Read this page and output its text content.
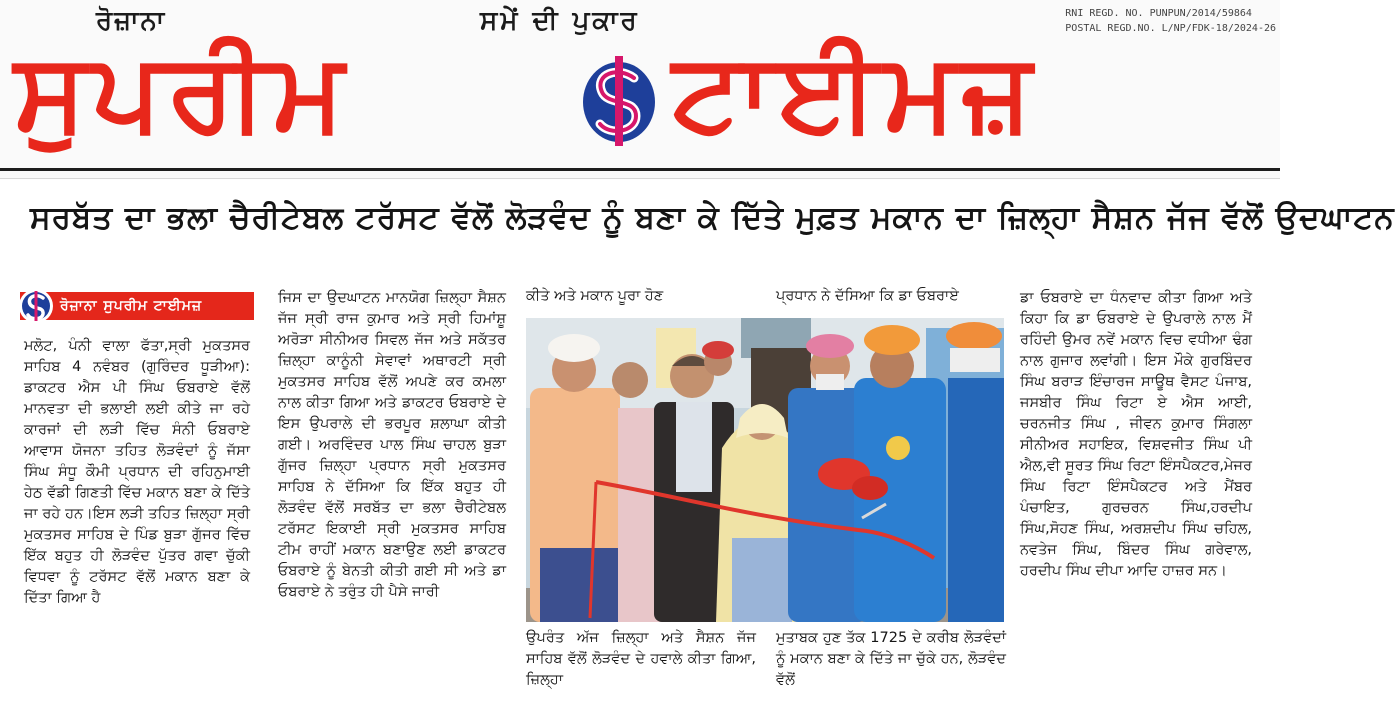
ਰੋਜ਼ਾਨਾ	ਸਮੇਂ ਦੀ ਪੁਕਾਰ	RNI REGD. NO. PUNPUN/2014/59864
POSTAL REGD.NO. L/NP/FDK-18/2024-26
ਸੁਪਰੀਮ	ਟਾਈਮਜ਼
ਸਰਬੱਤ ਦਾ ਭਲਾ ਚੈਰੀਟੇਬਲ ਟਰੱਸਟ ਵੱਲੋਂ ਲੋੜਵੰਦ ਨੂੰ ਬਣਾ ਕੇ ਦਿੱਤੇ ਮੁਫ਼ਤ ਮਕਾਨ ਦਾ ਜ਼ਿਲ੍ਹਾ ਸੈਸ਼ਨ ਜੱਜ ਵੱਲੋਂ ਉਦਘਾਟਨ
ਰੋਜ਼ਾਨਾ ਸੁਪਰੀਮ ਟਾਈਮਜ਼
ਮਲੋਟ, ਪੰਨੀ ਵਾਲਾ ਫੱਤਾ,ਸ੍ਰੀ ਮੁਕਤਸਰ ਸਾਹਿਬ 4 ਨਵੰਬਰ (ਗੁਰਿੰਦਰ ਧੂੜੀਆ): ਡਾਕਟਰ ਐਸ ਪੀ ਸਿੰਘ ਓਬਰਾਏ ਵੱਲੋਂ ਮਾਨਵਤਾ ਦੀ ਭਲਾਈ ਲਈ ਕੀਤੇ ਜਾ ਰਹੇ ਕਾਰਜਾਂ ਦੀ ਲੜੀ ਵਿੱਚ ਸੰਨੀ ਓਬਰਾਏ ਆਵਾਸ ਯੋਜਨਾ ਤਹਿਤ ਲੋੜਵੰਦਾਂ ਨੂੰ ਜੱਸਾ ਸਿੰਘ ਸੰਧੂ ਕੌਮੀ ਪ੍ਰਧਾਨ ਦੀ ਰਹਿਨੁਮਾਈ ਹੇਠ ਵੱਡੀ ਗਿਣਤੀ ਵਿੱਚ ਮਕਾਨ ਬਣਾ ਕੇ ਦਿੱਤੇ ਜਾ ਰਹੇ ਹਨ।ਇਸ ਲੜੀ ਤਹਿਤ ਜ਼ਿਲ੍ਹਾ ਸ੍ਰੀ ਮੁਕਤਸਰ ਸਾਹਿਬ ਦੇ ਪਿੰਡ ਬੁੜਾ ਗੁੱਜਰ ਵਿੱਚ ਇੱਕ ਬਹੁਤ ਹੀ ਲੋੜਵੰਦ ਪੁੱਤਰ ਗਵਾ ਚੁੱਕੀ ਵਿਧਵਾ ਨੂੰ ਟਰੱਸਟ ਵੱਲੋਂ ਮਕਾਨ ਬਣਾ ਕੇ ਦਿੱਤਾ ਗਿਆ ਹੈ
ਜਿਸ ਦਾ ਉਦਘਾਟਨ ਮਾਨਯੋਗ ਜ਼ਿਲ੍ਹਾ ਸੈਸ਼ਨ ਜੱਜ ਸ੍ਰੀ ਰਾਜ ਕੁਮਾਰ ਅਤੇ ਸ੍ਰੀ ਹਿਮਾਂਸ਼ੂ ਅਰੋੜਾ ਸੀਨੀਅਰ ਸਿਵਲ ਜੱਜ ਅਤੇ ਸਕੱਤਰ ਜ਼ਿਲ੍ਹਾ ਕਾਨੂੰਨੀ ਸੇਵਾਵਾਂ ਅਥਾਰਟੀ ਸ੍ਰੀ ਮੁਕਤਸਰ ਸਾਹਿਬ ਵੱਲੋਂ ਅਪਣੇ ਕਰ ਕਮਲਾ ਨਾਲ ਕੀਤਾ ਗਿਆ ਅਤੇ ਡਾਕਟਰ ਓਬਰਾਏ ਦੇ ਇਸ ਉਪਰਾਲੇ ਦੀ ਭਰਪੂਰ ਸ਼ਲਾਘਾ ਕੀਤੀ ਗਈ। ਅਰਵਿੰਦਰ ਪਾਲ ਸਿੰਘ ਚਾਹਲ ਬੁੜਾ ਗੁੱਜਰ ਜ਼ਿਲ੍ਹਾ ਪ੍ਰਧਾਨ ਸ੍ਰੀ ਮੁਕਤਸਰ ਸਾਹਿਬ ਨੇ ਦੱਸਿਆ ਕਿ ਇੱਕ ਬਹੁਤ ਹੀ ਲੋੜਵੰਦ ਵੱਲੋਂ ਸਰਬੱਤ ਦਾ ਭਲਾ ਚੈਰੀਟੇਬਲ ਟਰੱਸਟ ਇਕਾਈ ਸ੍ਰੀ ਮੁਕਤਸਰ ਸਾਹਿਬ ਟੀਮ ਰਾਹੀਂ ਮਕਾਨ ਬਣਾਉਣ ਲਈ ਡਾਕਟਰ ਓਬਰਾਏ ਨੂੰ ਬੇਨਤੀ ਕੀਤੀ ਗਈ ਸੀ ਅਤੇ ਡਾ ਓਬਰਾਏ ਨੇ ਤਰੁੰਤ ਹੀ ਪੈਸੇ ਜਾਰੀ
ਕੀਤੇ ਅਤੇ ਮਕਾਨ ਪੂਰਾ ਹੋਣ	ਪ੍ਰਧਾਨ ਨੇ ਦੱਸਿਆ ਕਿ ਡਾ ਓਬਰਾਏ
ਉਪਰੰਤ ਅੱਜ ਜ਼ਿਲ੍ਹਾ ਅਤੇ ਸੈਸ਼ਨ ਜੱਜ ਸਾਹਿਬ ਵੱਲੋਂ ਲੋੜਵੰਦ ਦੇ ਹਵਾਲੇ ਕੀਤਾ ਗਿਆ, ਜ਼ਿਲ੍ਹਾ
ਮੁਤਾਬਕ ਹੁਣ ਤੱਕ 1725 ਦੇ ਕਰੀਬ ਲੋੜਵੰਦਾਂ ਨੂੰ ਮਕਾਨ ਬਣਾ ਕੇ ਦਿੱਤੇ ਜਾ ਚੁੱਕੇ ਹਨ, ਲੋੜਵੰਦ ਵੱਲੋਂ
ਡਾ ਓਬਰਾਏ ਦਾ ਧੰਨਵਾਦ ਕੀਤਾ ਗਿਆ ਅਤੇ ਕਿਹਾ ਕਿ ਡਾ ਓਬਰਾਏ ਦੇ ਉਪਰਾਲੇ ਨਾਲ ਮੈਂ ਰਹਿੰਦੀ ਉਮਰ ਨਵੇਂ ਮਕਾਨ ਵਿਚ ਵਧੀਆ ਢੰਗ ਨਾਲ ਗੁਜਾਰ ਲਵਾਂਗੀ। ਇਸ ਮੌਕੇ ਗੁਰਬਿੰਦਰ ਸਿੰਘ ਬਰਾੜ ਇੰਚਾਰਜ ਸਾਊਥ ਵੈਸਟ ਪੰਜਾਬ, ਜਸਬੀਰ ਸਿੰਘ ਰਿਟਾ ਏ ਐਸ ਆਈ, ਚਰਨਜੀਤ ਸਿੰਘ , ਜੀਵਨ ਕੁਮਾਰ ਸਿੰਗਲਾ ਸੀਨੀਅਰ ਸਹਾਇਕ, ਵਿਸ਼ਵਜੀਤ ਸਿੰਘ ਪੀ ਐਲ,ਵੀ ਸੂਰਤ ਸਿੰਘ ਰਿਟਾ ਇੰਸਪੈਕਟਰ,ਮੇਜਰ ਸਿੰਘ ਰਿਟਾ ਇੰਸਪੈਕਟਰ ਅਤੇ ਮੈਂਬਰ ਪੰਚਾਇਤ, ਗੁਰਚਰਨ ਸਿੰਘ,ਹਰਦੀਪ ਸਿੰਘ,ਸੋਹਣ ਸਿੰਘ, ਅਰਸ਼ਦੀਪ ਸਿੰਘ ਚਹਿਲ, ਨਵਤੇਜ ਸਿੰਘ, ਬਿੰਦਰ ਸਿੰਘ ਗਰੇਵਾਲ, ਹਰਦੀਪ ਸਿੰਘ ਦੀਪਾ ਆਦਿ ਹਾਜ਼ਰ ਸਨ।
